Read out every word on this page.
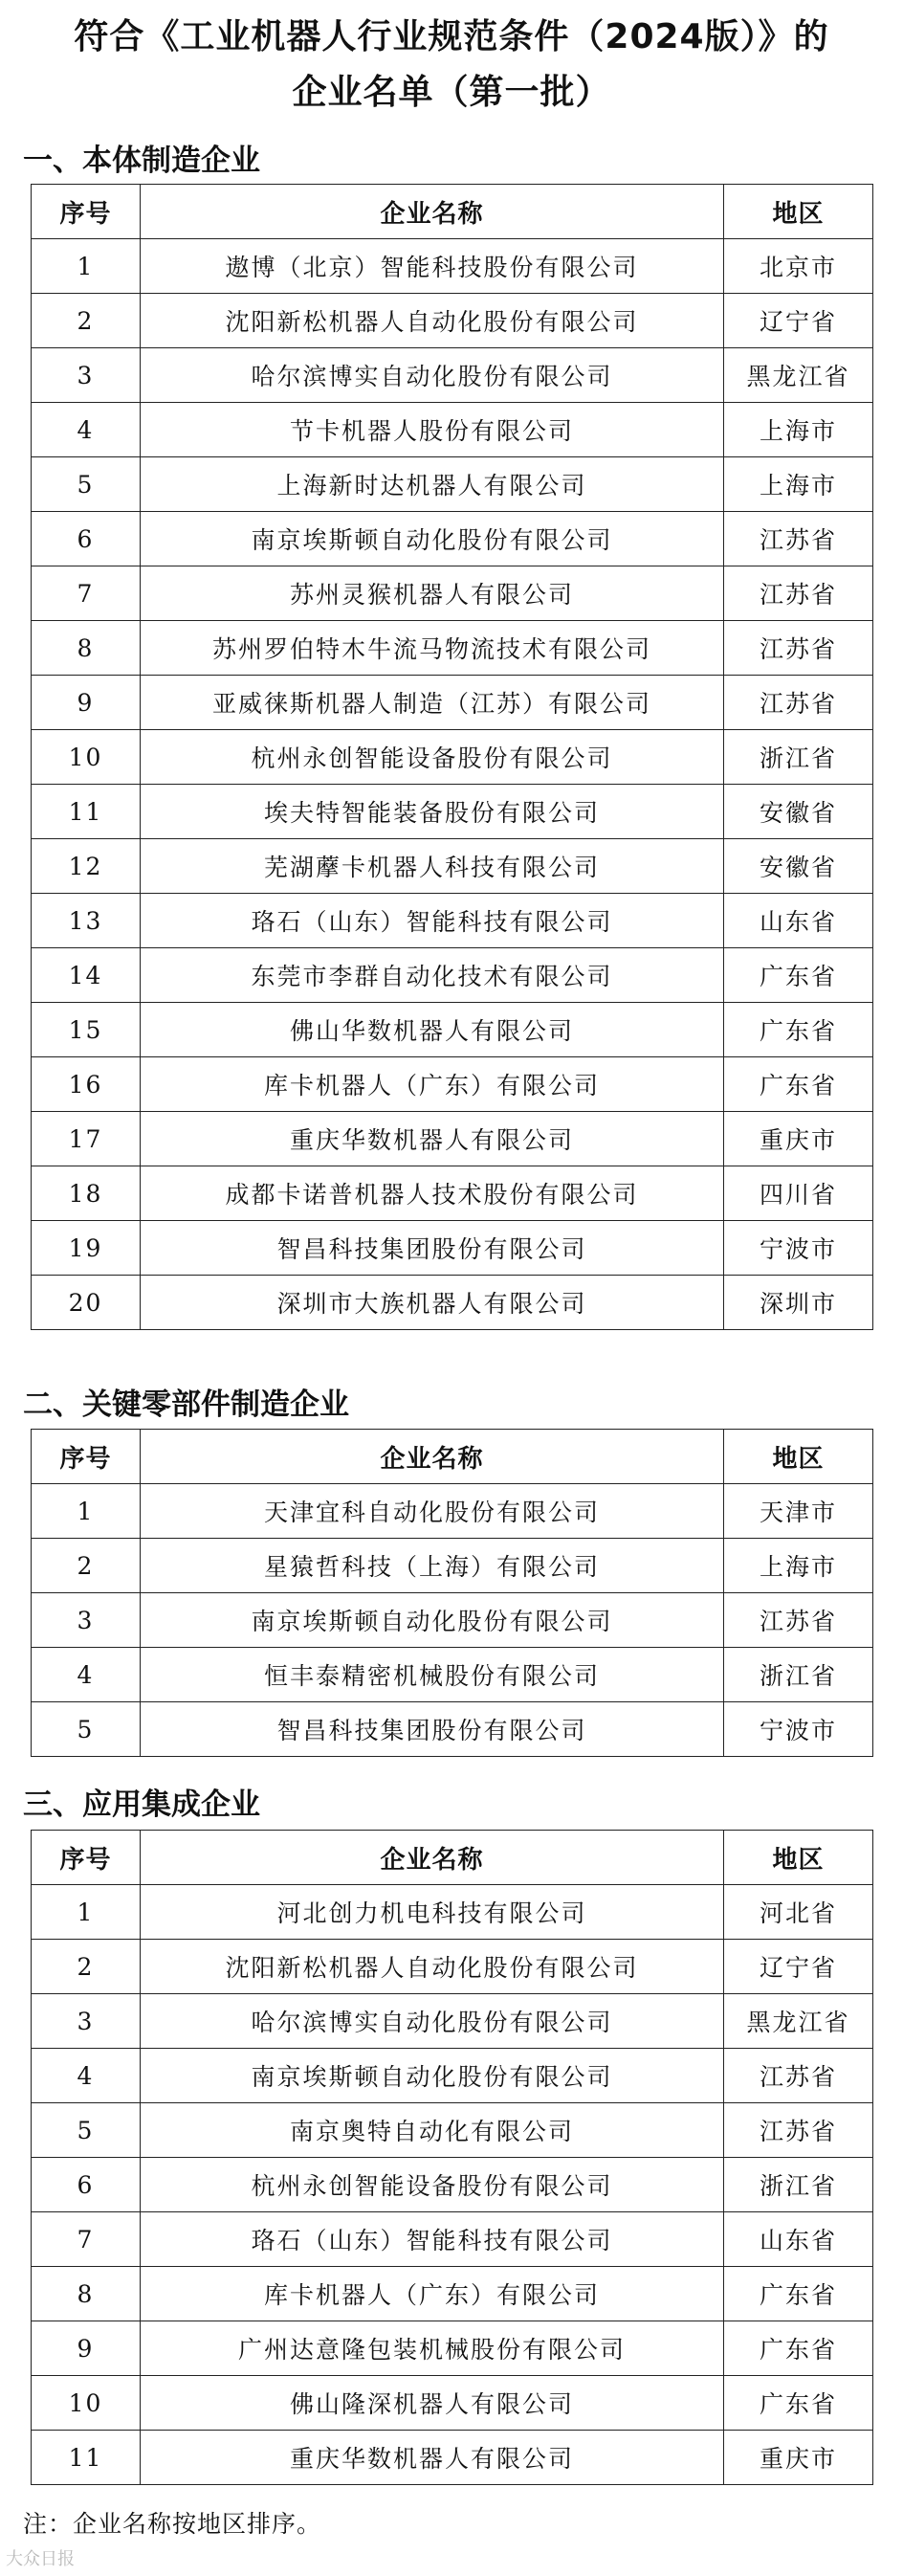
符合《工业机器人行业规范条件（2024版）》的
企业名单（第一批）
一、本体制造企业
序号	企业名称	地区
1	遨博（北京）智能科技股份有限公司	北京市
2	沈阳新松机器人自动化股份有限公司	辽宁省
3	哈尔滨博实自动化股份有限公司	黑龙江省
4	节卡机器人股份有限公司	上海市
5	上海新时达机器人有限公司	上海市
6	南京埃斯顿自动化股份有限公司	江苏省
7	苏州灵猴机器人有限公司	江苏省
8	苏州罗伯特木牛流马物流技术有限公司	江苏省
9	亚威徕斯机器人制造（江苏）有限公司	江苏省
10	杭州永创智能设备股份有限公司	浙江省
11	埃夫特智能装备股份有限公司	安徽省
12	芜湖藦卡机器人科技有限公司	安徽省
13	珞石（山东）智能科技有限公司	山东省
14	东莞市李群自动化技术有限公司	广东省
15	佛山华数机器人有限公司	广东省
16	库卡机器人（广东）有限公司	广东省
17	重庆华数机器人有限公司	重庆市
18	成都卡诺普机器人技术股份有限公司	四川省
19	智昌科技集团股份有限公司	宁波市
20	深圳市大族机器人有限公司	深圳市
二、关键零部件制造企业
序号	企业名称	地区
1	天津宜科自动化股份有限公司	天津市
2	星猿哲科技（上海）有限公司	上海市
3	南京埃斯顿自动化股份有限公司	江苏省
4	恒丰泰精密机械股份有限公司	浙江省
5	智昌科技集团股份有限公司	宁波市
三、应用集成企业
序号	企业名称	地区
1	河北创力机电科技有限公司	河北省
2	沈阳新松机器人自动化股份有限公司	辽宁省
3	哈尔滨博实自动化股份有限公司	黑龙江省
4	南京埃斯顿自动化股份有限公司	江苏省
5	南京奥特自动化有限公司	江苏省
6	杭州永创智能设备股份有限公司	浙江省
7	珞石（山东）智能科技有限公司	山东省
8	库卡机器人（广东）有限公司	广东省
9	广州达意隆包装机械股份有限公司	广东省
10	佛山隆深机器人有限公司	广东省
11	重庆华数机器人有限公司	重庆市
注：企业名称按地区排序。
大众日报
